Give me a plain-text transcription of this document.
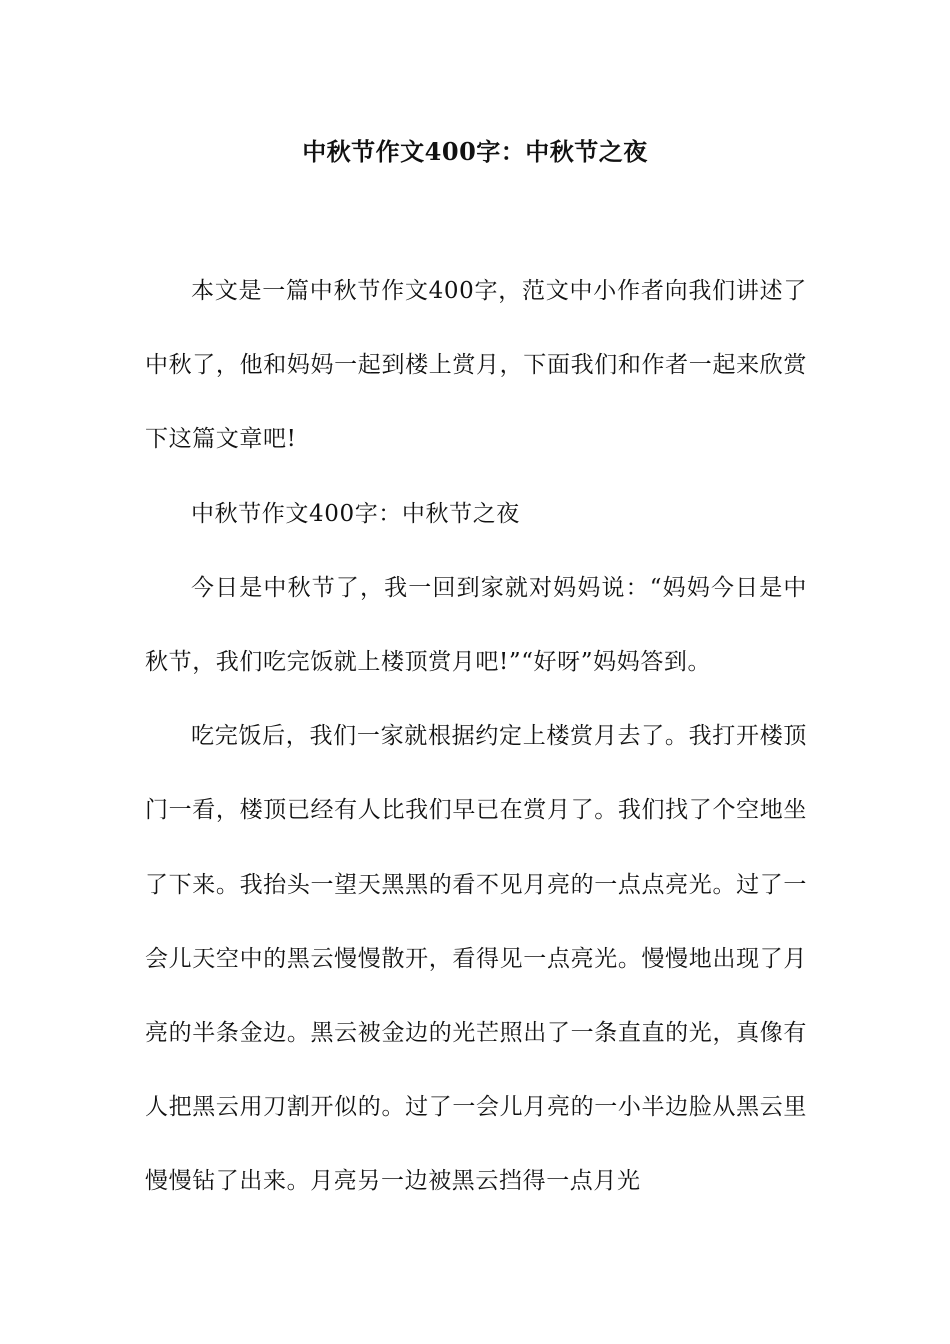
中秋节作文400字：中秋节之夜

本文是一篇中秋节作文400字，范文中小作者向我们讲述了中秋了，他和妈妈一起到楼上赏月，下面我们和作者一起来欣赏下这篇文章吧!

中秋节作文400字：中秋节之夜

今日是中秋节了，我一回到家就对妈妈说：“妈妈今日是中秋节，我们吃完饭就上楼顶赏月吧!”“好呀”妈妈答到。

吃完饭后，我们一家就根据约定上楼赏月去了。我打开楼顶门一看，楼顶已经有人比我们早已在赏月了。我们找了个空地坐了下来。我抬头一望天黑黑的看不见月亮的一点点亮光。过了一会儿天空中的黑云慢慢散开，看得见一点亮光。慢慢地出现了月亮的半条金边。黑云被金边的光芒照出了一条直直的光，真像有人把黑云用刀割开似的。过了一会儿月亮的一小半边脸从黑云里慢慢钻了出来。月亮另一边被黑云挡得一点月光
